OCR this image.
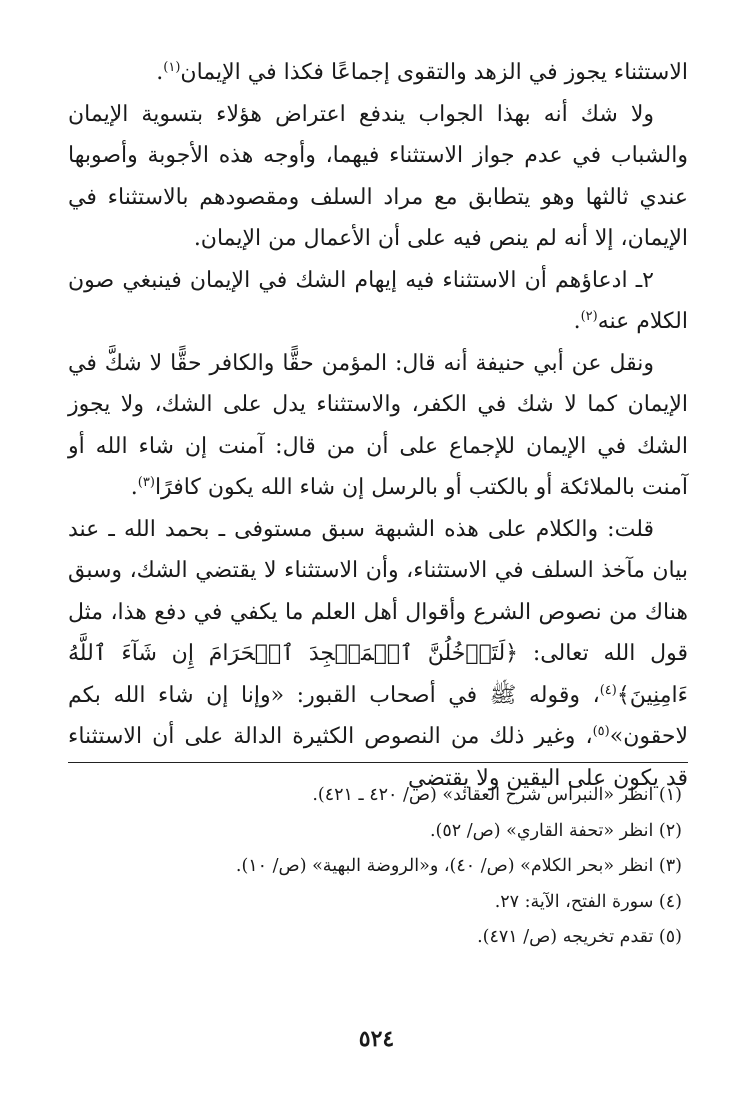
الاستثناء يجوز في الزهد والتقوى إجماعًا فكذا في الإيمان$^{(١)}$.

ولا شك أنه بهذا الجواب يندفع اعتراض هؤلاء بتسوية الإيمان والشباب في عدم جواز الاستثناء فيهما، وأوجه هذه الأجوبة وأصوبها عندي ثالثها وهو يتطابق مع مراد السلف ومقصودهم بالاستثناء في الإيمان، إلا أنه لم ينص فيه على أن الأعمال من الإيمان.

٢ـ ادعاؤهم أن الاستثناء فيه إيهام الشك في الإيمان فينبغي صون الكلام عنه$^{(٢)}$.

ونقل عن أبي حنيفة أنه قال: المؤمن حقًّا والكافر حقًّا لا شكَّ في الإيمان كما لا شك في الكفر، والاستثناء يدل على الشك، ولا يجوز الشك في الإيمان للإجماع على أن من قال: آمنت إن شاء الله أو آمنت بالملائكة أو بالكتب أو بالرسل إن شاء الله يكون كافرًا$^{(٣)}$.

قلت: والكلام على هذه الشبهة سبق مستوفى ـ بحمد الله ـ عند بيان مآخذ السلف في الاستثناء، وأن الاستثناء لا يقتضي الشك، وسبق هناك من نصوص الشرع وأقوال أهل العلم ما يكفي في دفع هذا، مثل قول الله تعالى: ﴿لَتَدۡخُلُنَّ ٱلۡمَسۡجِدَ ٱلۡحَرَامَ إِن شَآءَ ٱللَّهُ ءَامِنِينَ﴾$^{(٤)}$، وقوله ﷺ في أصحاب القبور: «وإنا إن شاء الله بكم لاحقون»$^{(٥)}$، وغير ذلك من النصوص الكثيرة الدالة على أن الاستثناء قد يكون على اليقين ولا يقتضي

(١) انظر «النبراس شرح العقائد» (ص/ ٤٢٠ ـ ٤٢١).

(٢) انظر «تحفة القاري» (ص/ ٥٢).

(٣) انظر «بحر الكلام» (ص/ ٤٠)، و«الروضة البهية» (ص/ ١٠).

(٤) سورة الفتح، الآية: ٢٧.

(٥) تقدم تخريجه (ص/ ٤٧١).

٥٢٤
